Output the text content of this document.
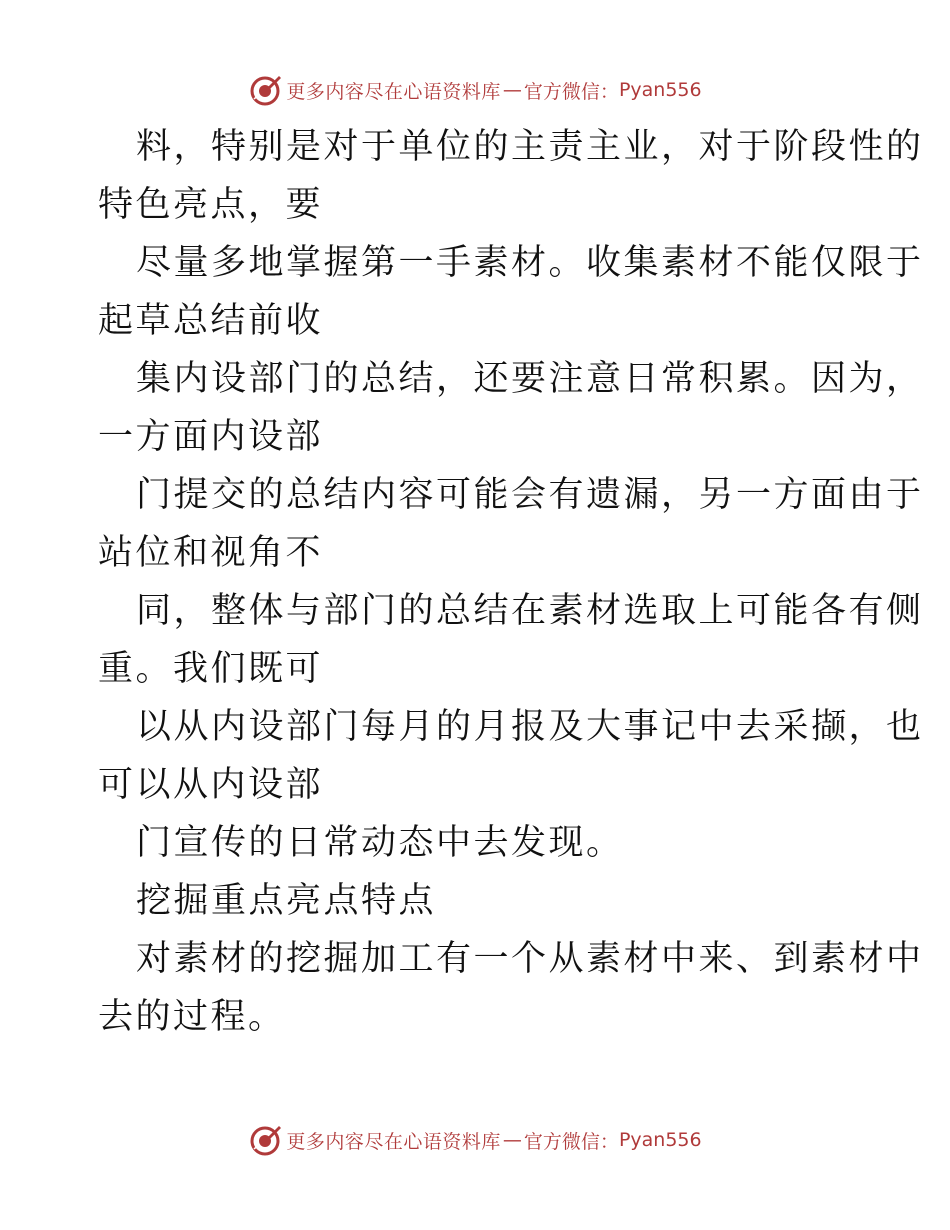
更多内容尽在心语资料库 — 官方微信： Pyan556
料，特别是对于单位的主责主业，对于阶段性的
特色亮点，要
尽量多地掌握第一手素材。收集素材不能仅限于
起草总结前收
集内设部门的总结，还要注意日常积累。因为，
一方面内设部
门提交的总结内容可能会有遗漏，另一方面由于
站位和视角不
同，整体与部门的总结在素材选取上可能各有侧
重。我们既可
以从内设部门每月的月报及大事记中去采撷，也
可以从内设部
门宣传的日常动态中去发现。
挖掘重点亮点特点
对素材的挖掘加工有一个从素材中来、到素材中
去的过程。
更多内容尽在心语资料库 — 官方微信： Pyan556
